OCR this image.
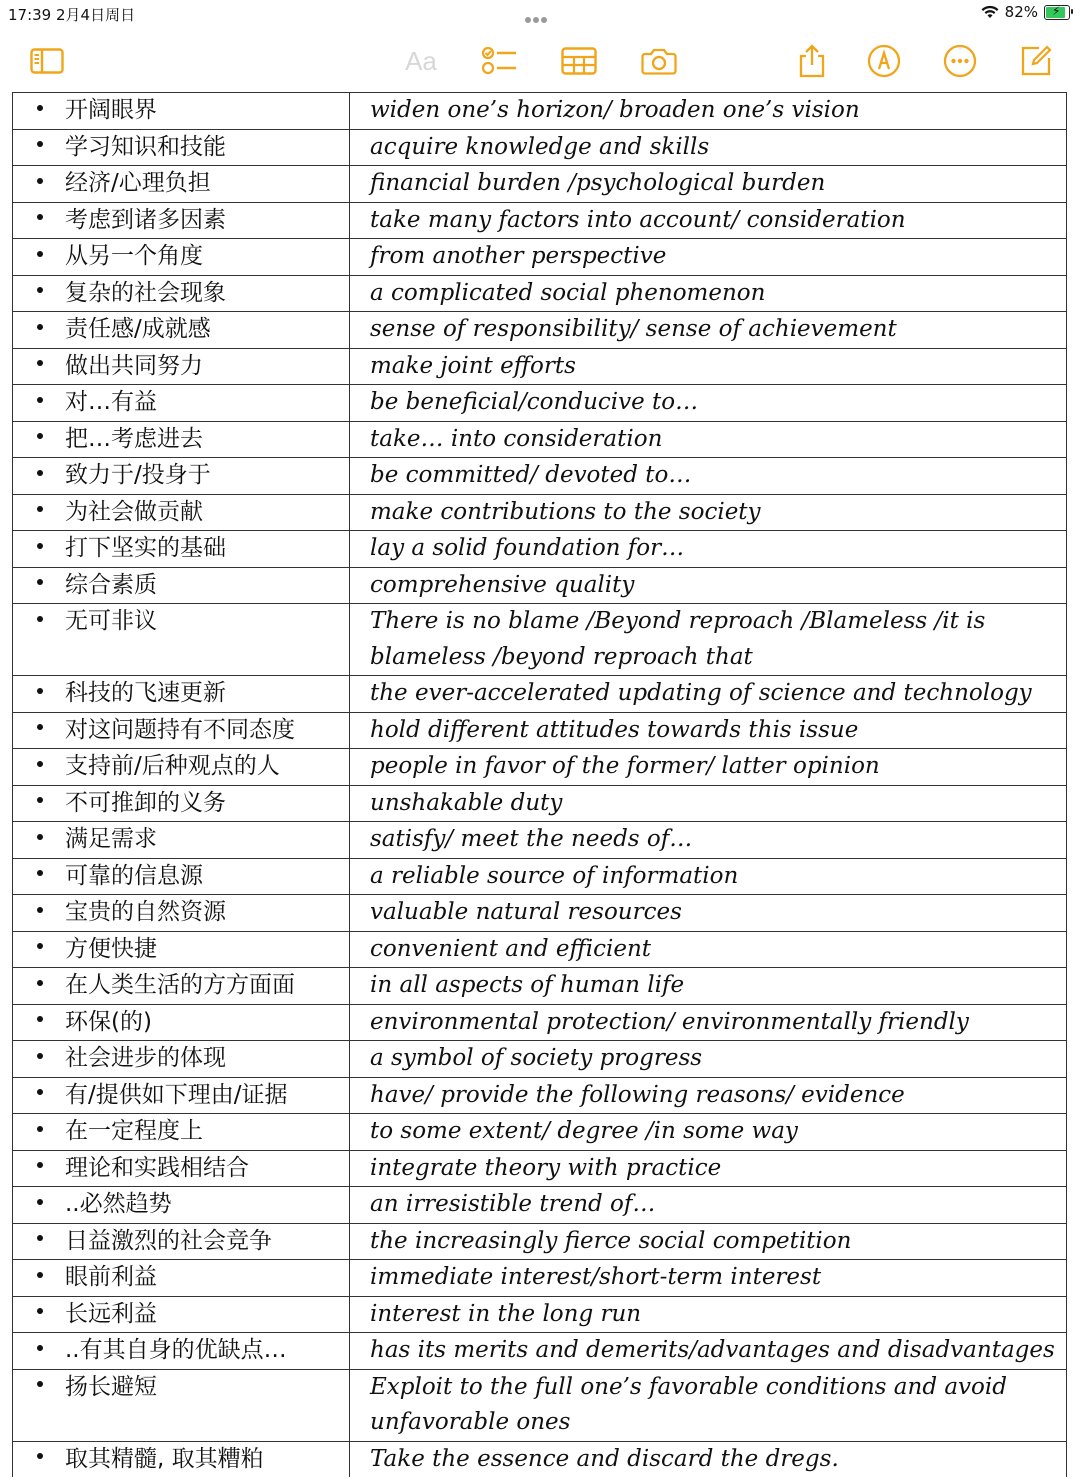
17:39 2月4日周日	82% ⚡
Aa
开阔眼界	widen one’s horizon/ broaden one’s vision
学习知识和技能	acquire knowledge and skills
经济/心理负担	financial burden /psychological burden
考虑到诸多因素	take many factors into account/ consideration
从另一个角度	from another perspective
复杂的社会现象	a complicated social phenomenon
责任感/成就感	sense of responsibility/ sense of achievement
做出共同努力	make joint efforts
对…有益	be beneficial/conducive to…
把…考虑进去	take… into consideration
致力于/投身于	be committed/ devoted to…
为社会做贡献	make contributions to the society
打下坚实的基础	lay a solid foundation for…
综合素质	comprehensive quality
无可非议	There is no blame /Beyond reproach /Blameless /it is blameless /beyond reproach that
科技的飞速更新	the ever-accelerated updating of science and technology
对这问题持有不同态度	hold different attitudes towards this issue
支持前/后种观点的人	people in favor of the former/ latter opinion
不可推卸的义务	unshakable duty
满足需求	satisfy/ meet the needs of…
可靠的信息源	a reliable source of information
宝贵的自然资源	valuable natural resources
方便快捷	convenient and efficient
在人类生活的方方面面	in all aspects of human life
环保(的)	environmental protection/ environmentally friendly
社会进步的体现	a symbol of society progress
有/提供如下理由/证据	have/ provide the following reasons/ evidence
在一定程度上	to some extent/ degree /in some way
理论和实践相结合	integrate theory with practice
..必然趋势	an irresistible trend of…
日益激烈的社会竞争	the increasingly fierce social competition
眼前利益	immediate interest/short-term interest
长远利益	interest in the long run
..有其自身的优缺点…	has its merits and demerits/advantages and disadvantages
扬长避短	Exploit to the full one’s favorable conditions and avoid unfavorable ones
取其精髓, 取其糟粕	Take the essence and discard the dregs.
